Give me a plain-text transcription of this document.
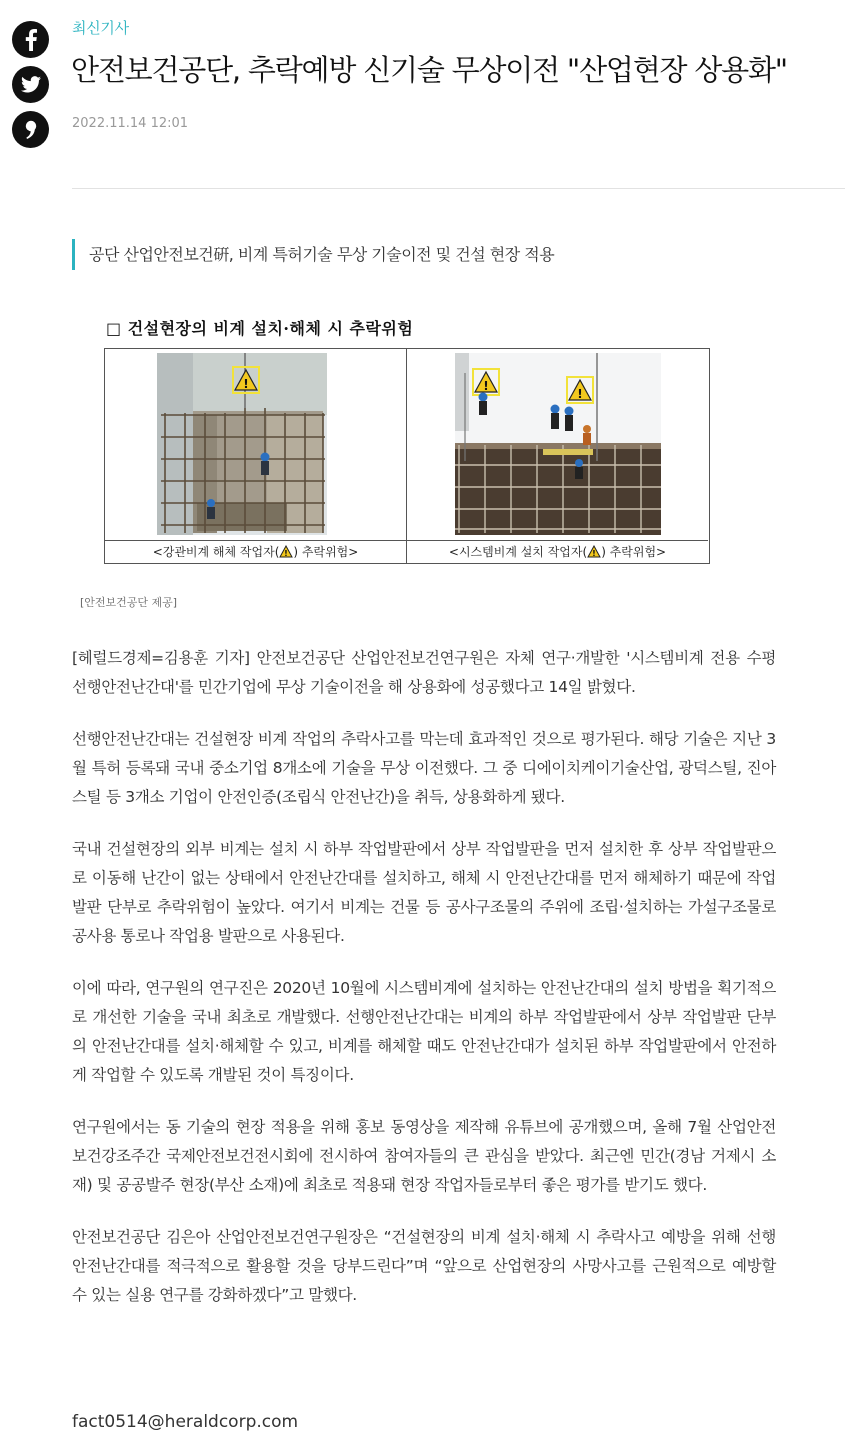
최신기사
안전보건공단, 추락예방 신기술 무상이전 "산업현장 상용화"
2022.11.14 12:01
공단 산업안전보건硏, 비계 특허기술 무상 기술이전 및 건설 현장 적용
□ 건설현장의 비계 설치·해체 시 추락위험
!
<강관비계 해체 작업자( ! ) 추락위험>
!
!
<시스템비계 설치 작업자( ! ) 추락위험>
[안전보건공단 제공]

[헤럴드경제=김용훈 기자] 안전보건공단 산업안전보건연구원은 자체 연구·개발한 '시스템비계 전용 수평 선행안전난간대'를 민간기업에 무상 기술이전을 해 상용화에 성공했다고 14일 밝혔다.

선행안전난간대는 건설현장 비계 작업의 추락사고를 막는데 효과적인 것으로 평가된다. 해당 기술은 지난 3월 특허 등록돼 국내 중소기업 8개소에 기술을 무상 이전했다. 그 중 디에이치케이기술산업, 광덕스틸, 진아스틸 등 3개소 기업이 안전인증(조립식 안전난간)을 취득, 상용화하게 됐다.

국내 건설현장의 외부 비계는 설치 시 하부 작업발판에서 상부 작업발판을 먼저 설치한 후 상부 작업발판으로 이동해 난간이 없는 상태에서 안전난간대를 설치하고, 해체 시 안전난간대를 먼저 해체하기 때문에 작업발판 단부로 추락위험이 높았다. 여기서 비계는 건물 등 공사구조물의 주위에 조립·설치하는 가설구조물로 공사용 통로나 작업용 발판으로 사용된다.

이에 따라, 연구원의 연구진은 2020년 10월에 시스템비계에 설치하는 안전난간대의 설치 방법을 획기적으로 개선한 기술을 국내 최초로 개발했다. 선행안전난간대는 비계의 하부 작업발판에서 상부 작업발판 단부의 안전난간대를 설치·해체할 수 있고, 비계를 해체할 때도 안전난간대가 설치된 하부 작업발판에서 안전하게 작업할 수 있도록 개발된 것이 특징이다.

연구원에서는 동 기술의 현장 적용을 위해 홍보 동영상을 제작해 유튜브에 공개했으며, 올해 7월 산업안전보건강조주간 국제안전보건전시회에 전시하여 참여자들의 큰 관심을 받았다. 최근엔 민간(경남 거제시 소재) 및 공공발주 현장(부산 소재)에 최초로 적용돼 현장 작업자들로부터 좋은 평가를 받기도 했다.

안전보건공단 김은아 산업안전보건연구원장은 “건설현장의 비계 설치·해체 시 추락사고 예방을 위해 선행안전난간대를 적극적으로 활용할 것을 당부드린다”며 “앞으로 산업현장의 사망사고를 근원적으로 예방할 수 있는 실용 연구를 강화하겠다”고 말했다.

fact0514@heraldcorp.com
